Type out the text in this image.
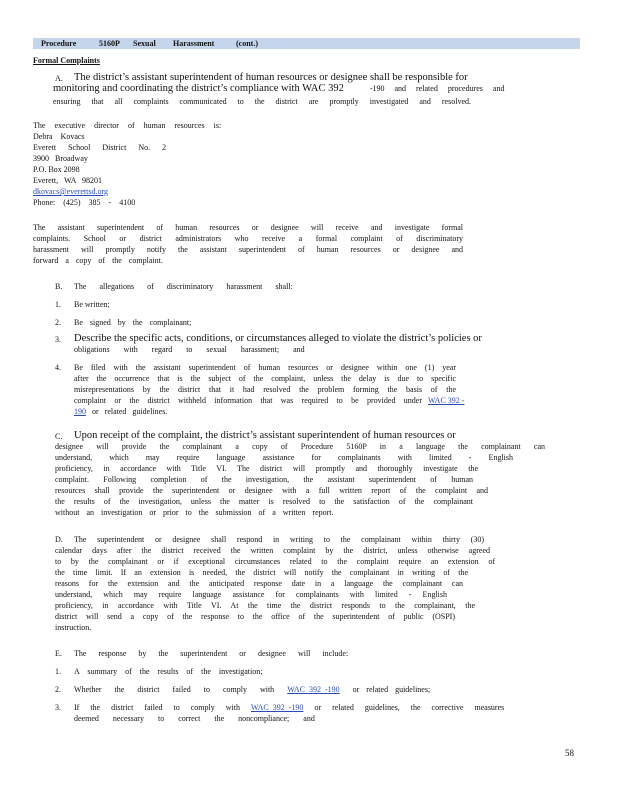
Procedure	5160P Sexual Harassment	(cont.)
Formal Complaints
A. The district’s assistant superintendent of human resources or designee shall be responsible for
monitoring and coordinating the district’s compliance with WAC 392	-190 and related procedures and
ensuring that all complaints communicated to the district are promptly investigated and resolved.
The executive director of human resources is:
Debra Kovacs
Everett School District No. 2
3900 Broadway
P.O. Box 2098
Everett, WA 98201
dkovacs@everettsd.org
Phone: (425) 385 - 4100
The assistant superintendent of human resources or designee will receive and investigate formal
complaints. School or district administrators who receive a formal complaint of discriminatory
harassment will promptly notify the assistant superintendent of human resources or designee and
forward a copy of the complaint.
B. The allegations of discriminatory harassment shall:
1. Be written;
2. Be signed by the complainant;
3. Describe the specific acts, conditions, or circumstances alleged to violate the district’s policies or
obligations with regard to sexual harassment; and
4. Be filed with the assistant superintendent of human resources or designee within one (1) year
after the occurrence that is the subject of the complaint, unless the delay is due to specific
misrepresentations by the district that it had resolved the problem forming the basis of the
complaint or the district withheld information that was required to be provided under WAC 392 -
190 or related guidelines.
C. Upon receipt of the complaint, the district’s assistant superintendent of human resources or
designee will provide the complainant a copy of Procedure 5160P in a language the complainant can
understand, which may require language assistance for complainants with limited - English
proficiency, in accordance with Title VI. The district will promptly and thoroughly investigate the
complaint. Following completion of the investigation, the assistant superintendent of human
resources shall provide the superintendent or designee with a full written report of the complaint and
the results of the investigation, unless the matter is resolved to the satisfaction of the complainant
without an investigation or prior to the submission of a written report.
D. The superintendent or designee shall respond in writing to the complainant within thirty (30)
calendar days after the district received the written complaint by the district, unless otherwise agreed
to by the complainant or if exceptional circumstances related to the complaint require an extension of
the time limit. If an extension is needed, the district will notify the complainant in writing of the
reasons for the extension and the anticipated response date in a language the complainant can
understand, which may require language assistance for complainants with limited - English
proficiency, in accordance with Title VI. At the time the district responds to the complainant, the
district will send a copy of the response to the office of the superintendent of public (OSPI)
instruction.
E. The response by the superintendent or designee will include:
1. A summary of the results of the investigation;
2. Whether the district failed to comply with WAC 392 -190 or related guidelines;
3. If the district failed to comply with WAC 392 -190 or related guidelines, the corrective measures
deemed necessary to correct the noncompliance; and
58
